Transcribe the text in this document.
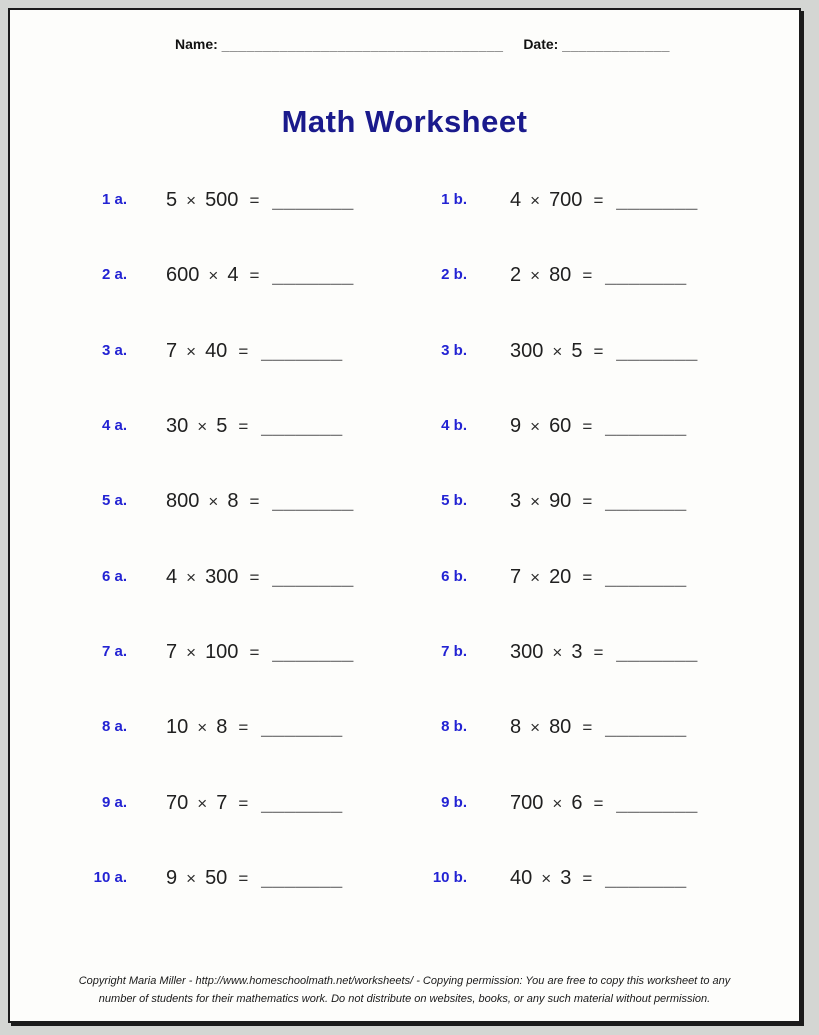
Name: __________________________________ Date: _____________
Math Worksheet
1 a. 5 × 500 = _______	1 b. 4 × 700 = _______
2 a. 600 × 4 = _______	2 b. 2 × 80 = _______
3 a. 7 × 40 = _______	3 b. 300 × 5 = _______
4 a. 30 × 5 = _______	4 b. 9 × 60 = _______
5 a. 800 × 8 = _______	5 b. 3 × 90 = _______
6 a. 4 × 300 = _______	6 b. 7 × 20 = _______
7 a. 7 × 100 = _______	7 b. 300 × 3 = _______
8 a. 10 × 8 = _______	8 b. 8 × 80 = _______
9 a. 70 × 7 = _______	9 b. 700 × 6 = _______
10 a. 9 × 50 = _______	10 b. 40 × 3 = _______
Copyright Maria Miller - http://www.homeschoolmath.net/worksheets/ - Copying permission: You are free to copy this worksheet to any
number of students for their mathematics work. Do not distribute on websites, books, or any such material without permission.
